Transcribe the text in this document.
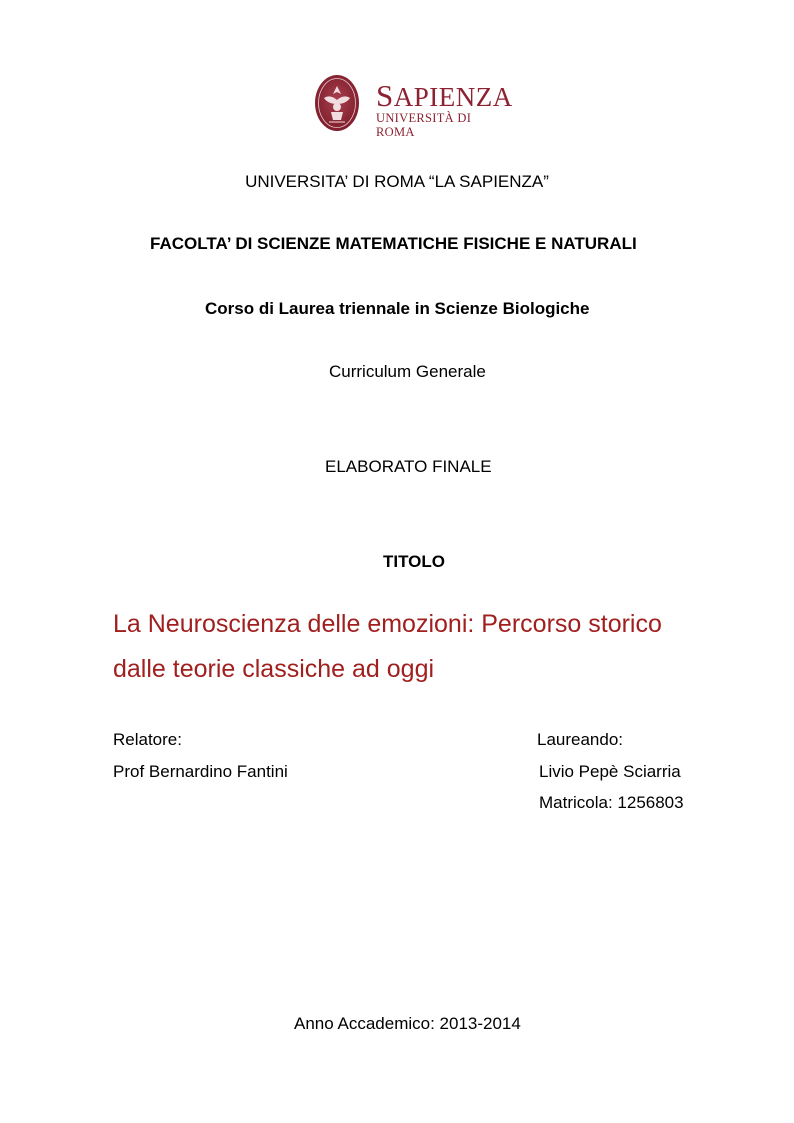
SAPIENZA
UNIVERSITÀ DI ROMA
UNIVERSITA’ DI ROMA “LA SAPIENZA”
FACOLTA’ DI SCIENZE MATEMATICHE FISICHE E NATURALI
Corso di Laurea triennale in Scienze Biologiche
Curriculum Generale
ELABORATO FINALE
TITOLO
La Neuroscienza delle emozioni: Percorso storico
dalle teorie classiche ad oggi
Relatore:
Prof Bernardino Fantini
Laureando:
Livio Pepè Sciarria
Matricola: 1256803
Anno Accademico: 2013-2014
